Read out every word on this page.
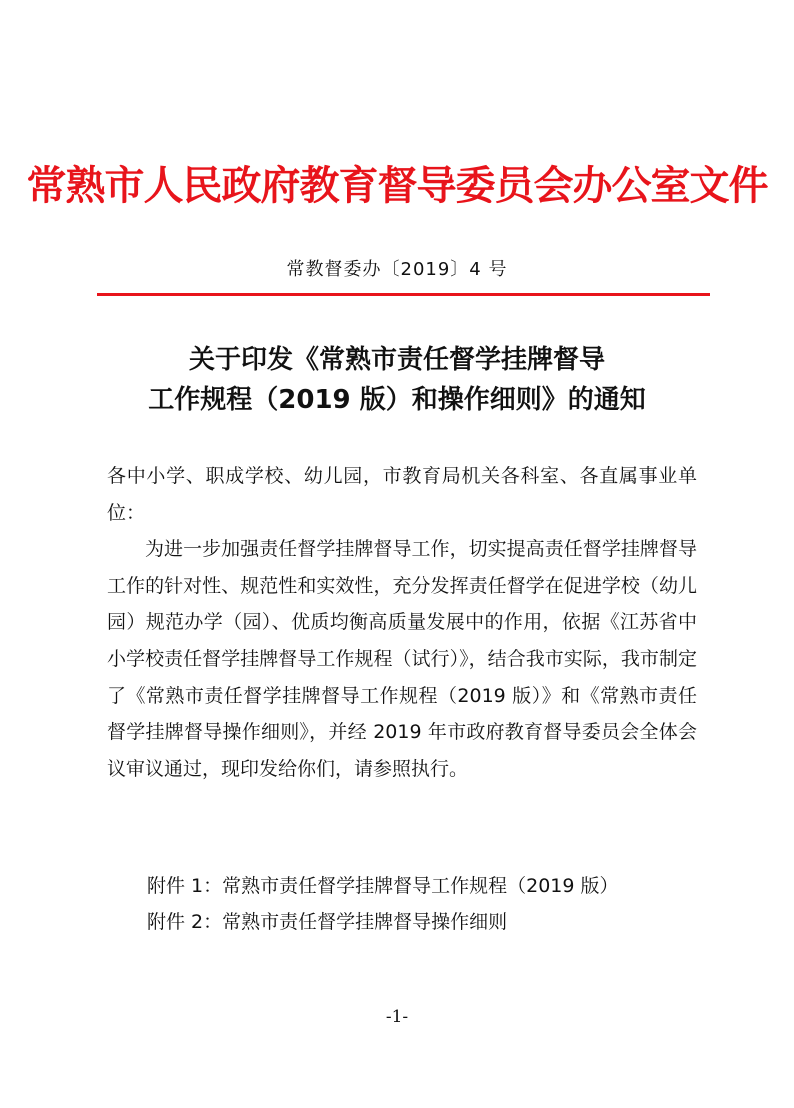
常熟市人民政府教育督导委员会办公室文件
常教督委办〔2019〕4 号
关于印发《常熟市责任督学挂牌督导
工作规程（2019 版）和操作细则》的通知

各中小学、职成学校、幼儿园，市教育局机关各科室、各直属事业单位：

为进一步加强责任督学挂牌督导工作，切实提高责任督学挂牌督导工作的针对性、规范性和实效性，充分发挥责任督学在促进学校（幼儿园）规范办学（园）、优质均衡高质量发展中的作用，依据《江苏省中小学校责任督学挂牌督导工作规程（试行）》，结合我市实际，我市制定了《常熟市责任督学挂牌督导工作规程（2019 版）》和《常熟市责任督学挂牌督导操作细则》，并经 2019 年市政府教育督导委员会全体会议审议通过，现印发给你们，请参照执行。

附件 1：常熟市责任督学挂牌督导工作规程（2019 版）
附件 2：常熟市责任督学挂牌督导操作细则
-1-
